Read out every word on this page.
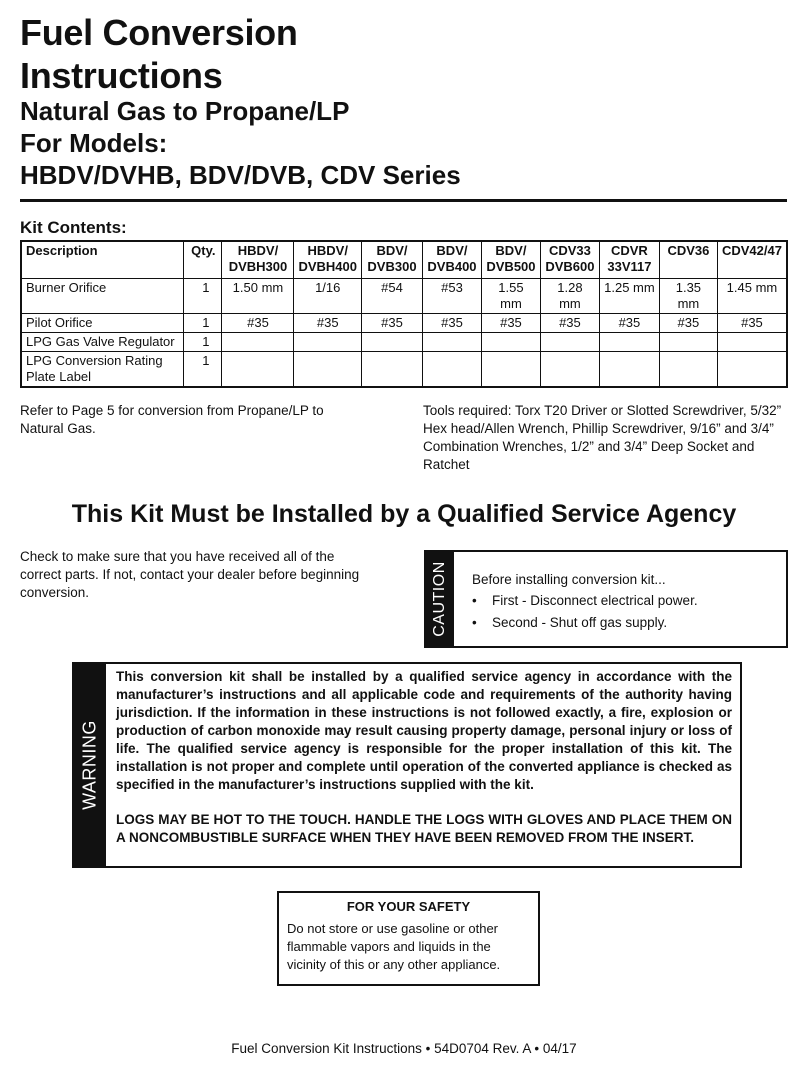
Fuel Conversion
Instructions
Natural Gas to Propane/LP
For Models:
HBDV/DVHB, BDV/DVB, CDV Series
Kit Contents:
Description	Qty.	HBDV/ DVBH300	HBDV/ DVBH400	BDV/ DVB300	BDV/ DVB400	BDV/ DVB500	CDV33 DVB600	CDVR 33V117	CDV36	CDV42/47
Burner Orifice	1	1.50 mm	1/16	#54	#53	1.55 mm	1.28 mm	1.25 mm	1.35 mm	1.45 mm
Pilot Orifice	1	#35	#35	#35	#35	#35	#35	#35	#35	#35
LPG Gas Valve Regulator	1									
LPG Conversion Rating Plate Label	1									
Refer to Page 5 for conversion from Propane/LP to Natural Gas.
Tools required: Torx T20 Driver or Slotted Screwdriver, 5/32” Hex head/Allen Wrench, Phillip Screwdriver, 9/16” and 3/4” Combination Wrenches, 1/2” and 3/4” Deep Socket and Ratchet
This Kit Must be Installed by a Qualified Service Agency
Check to make sure that you have received all of the correct parts. If not, contact your dealer before beginning conversion.	CAUTION Before installing conversion kit...
• First - Disconnect electrical power.
• Second - Shut off gas supply.
WARNING
This conversion kit shall be installed by a qualified service agency in accordance with the manufacturer’s instructions and all applicable code and requirements of the authority having jurisdiction. If the information in these instructions is not followed exactly, a fire, explosion or production of carbon monoxide may result causing property damage, personal injury or loss of life. The qualified service agency is responsible for the proper installation of this kit. The installation is not proper and complete until operation of the converted appliance is checked as specified in the manufacturer’s instructions supplied with the kit.
LOGS MAY BE HOT TO THE TOUCH. HANDLE THE LOGS WITH GLOVES AND PLACE THEM ON A NONCOMBUSTIBLE SURFACE WHEN THEY HAVE BEEN REMOVED FROM THE INSERT.
FOR YOUR SAFETY
Do not store or use gasoline or other flammable vapors and liquids in the vicinity of this or any other appliance.
Fuel Conversion Kit Instructions • 54D0704 Rev. A • 04/17
